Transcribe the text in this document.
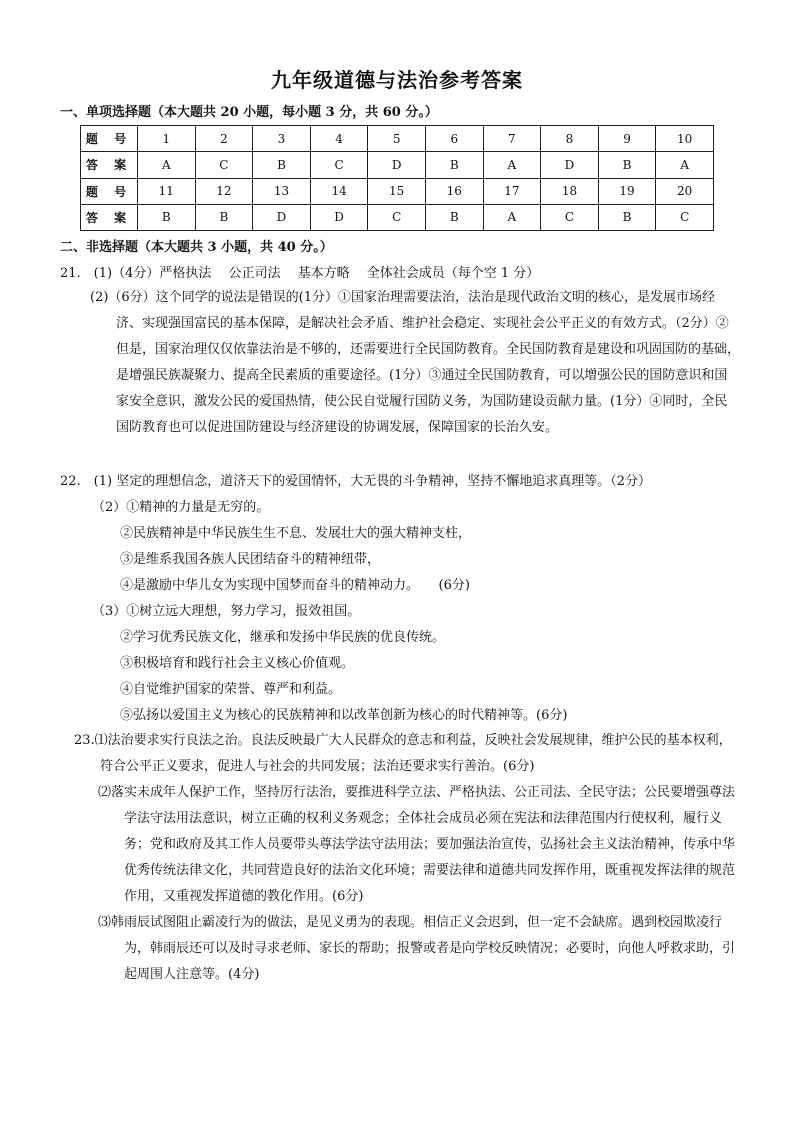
九年级道德与法治参考答案
一、单项选择题（本大题共 20 小题，每小题 3 分，共 60 分。）
题 号	1	2	3	4	5	6	7	8	9	10
答 案	A	C	B	C	D	B	A	D	B	A
题 号	11	12	13	14	15	16	17	18	19	20
答 案	B	B	D	D	C	B	A	C	B	C
二、非选择题（本大题共 3 小题，共 40 分。）
21.　(1)（4分）严格执法　 公正司法　 基本方略　 全体社会成员（每个空 1 分）

(2)（6分）这个同学的说法是错误的(1分）①国家治理需要法治，法治是现代政治文明的核心，是发展市场经济、实现强国富民的基本保障，是解决社会矛盾、维护社会稳定、实现社会公平正义的有效方式。（2分）②但是，国家治理仅仅依靠法治是不够的，还需要进行全民国防教育。全民国防教育是建设和巩固国防的基础，是增强民族凝聚力、提高全民素质的重要途径。(1分）③通过全民国防教育，可以增强公民的国防意识和国家安全意识，激发公民的爱国热情，使公民自觉履行国防义务，为国防建设贡献力量。(1分）④同时，全民国防教育也可以促进国防建设与经济建设的协调发展，保障国家的长治久安。

22.　(1) 坚定的理想信念，道济天下的爱国情怀，大无畏的斗争精神，坚持不懈地追求真理等。（2分）
（2）①精神的力量是无穷的。
②民族精神是中华民族生生不息、发展壮大的强大精神支柱，
③是维系我国各族人民团结奋斗的精神纽带，
④是激励中华儿女为实现中国梦而奋斗的精神动力。　　(6分)
（3）①树立远大理想，努力学习，报效祖国。
②学习优秀民族文化，继承和发扬中华民族的优良传统。
③积极培育和践行社会主义核心价值观。
④自觉维护国家的荣誉、尊严和利益。
⑤弘扬以爱国主义为核心的民族精神和以改革创新为核心的时代精神等。(6分)

23.⑴法治要求实行良法之治。良法反映最广大人民群众的意志和利益，反映社会发展规律，维护公民的基本权利，符合公平正义要求，促进人与社会的共同发展；法治还要求实行善治。(6分)

⑵落实未成年人保护工作，坚持厉行法治，要推进科学立法、严格执法、公正司法、全民守法；公民要增强尊法学法守法用法意识，树立正确的权利义务观念；全体社会成员必须在宪法和法律范围内行使权利，履行义务；党和政府及其工作人员要带头尊法学法守法用法；要加强法治宣传，弘扬社会主义法治精神，传承中华优秀传统法律文化，共同营造良好的法治文化环境；需要法律和道德共同发挥作用，既重视发挥法律的规范作用，又重视发挥道德的教化作用。(6分)

⑶韩雨辰试图阻止霸凌行为的做法，是见义勇为的表现。相信正义会迟到，但一定不会缺席。遇到校园欺凌行为，韩雨辰还可以及时寻求老师、家长的帮助；报警或者是向学校反映情况；必要时，向他人呼救求助，引起周围人注意等。(4分)
